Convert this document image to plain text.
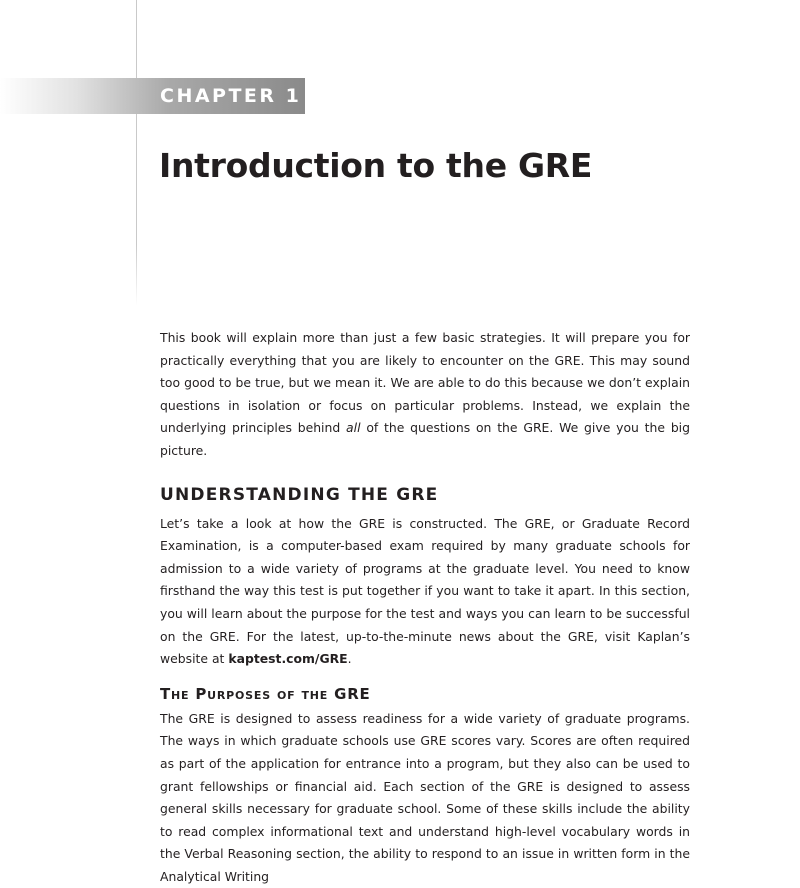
CHAPTER 1
Introduction to the GRE

This book will explain more than just a few basic strategies. It will prepare you for practically everything that you are likely to encounter on the GRE. This may sound too good to be true, but we mean it. We are able to do this because we don’t explain questions in isolation or focus on particular problems. Instead, we explain the underlying principles behind all of the questions on the GRE. We give you the big picture.

UNDERSTANDING THE GRE

Let’s take a look at how the GRE is constructed. The GRE, or Graduate Record Examination, is a computer-based exam required by many graduate schools for admission to a wide variety of programs at the graduate level. You need to know firsthand the way this test is put together if you want to take it apart. In this section, you will learn about the purpose for the test and ways you can learn to be successful on the GRE. For the latest, up-to-the-minute news about the GRE, visit Kaplan’s website at kaptest.com/GRE.

The Purposes of the GRE

The GRE is designed to assess readiness for a wide variety of graduate programs. The ways in which graduate schools use GRE scores vary. Scores are often required as part of the application for entrance into a program, but they also can be used to grant fellowships or financial aid. Each section of the GRE is designed to assess general skills necessary for graduate school. Some of these skills include the ability to read complex informational text and understand high-level vocabulary words in the Verbal Reasoning section, the ability to respond to an issue in written form in the Analytical Writing
